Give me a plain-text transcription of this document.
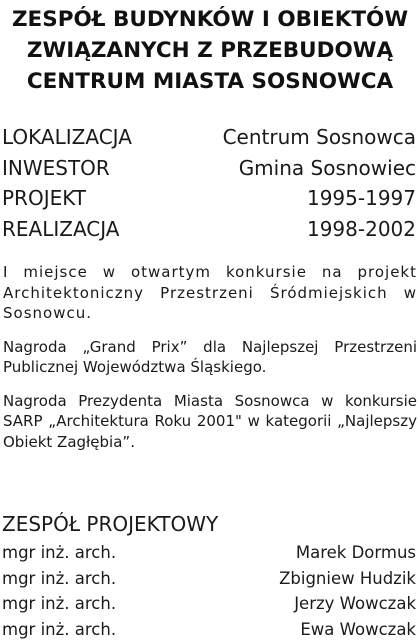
ZESPÓŁ BUDYNKÓW I OBIEKTÓW
ZWIĄZANYCH Z PRZEBUDOWĄ
CENTRUM MIASTA SOSNOWCA
LOKALIZACJA	Centrum Sosnowca
INWESTOR	Gmina Sosnowiec
PROJEKT	1995-1997
REALIZACJA	1998-2002

I miejsce w otwartym konkursie na projekt Architektoniczny Przestrzeni Śródmiejskich w Sosnowcu.

Nagroda „Grand Prix” dla Najlepszej Przestrzeni Publicznej Województwa Śląskiego.

Nagroda Prezydenta Miasta Sosnowca w konkursie SARP „Architektura Roku 2001" w kategorii „Najlepszy Obiekt Zagłębia”.

ZESPÓŁ PROJEKTOWY
mgr inż. arch.	Marek Dormus
mgr inż. arch.	Zbigniew Hudzik
mgr inż. arch.	Jerzy Wowczak
mgr inż. arch.	Ewa Wowczak
